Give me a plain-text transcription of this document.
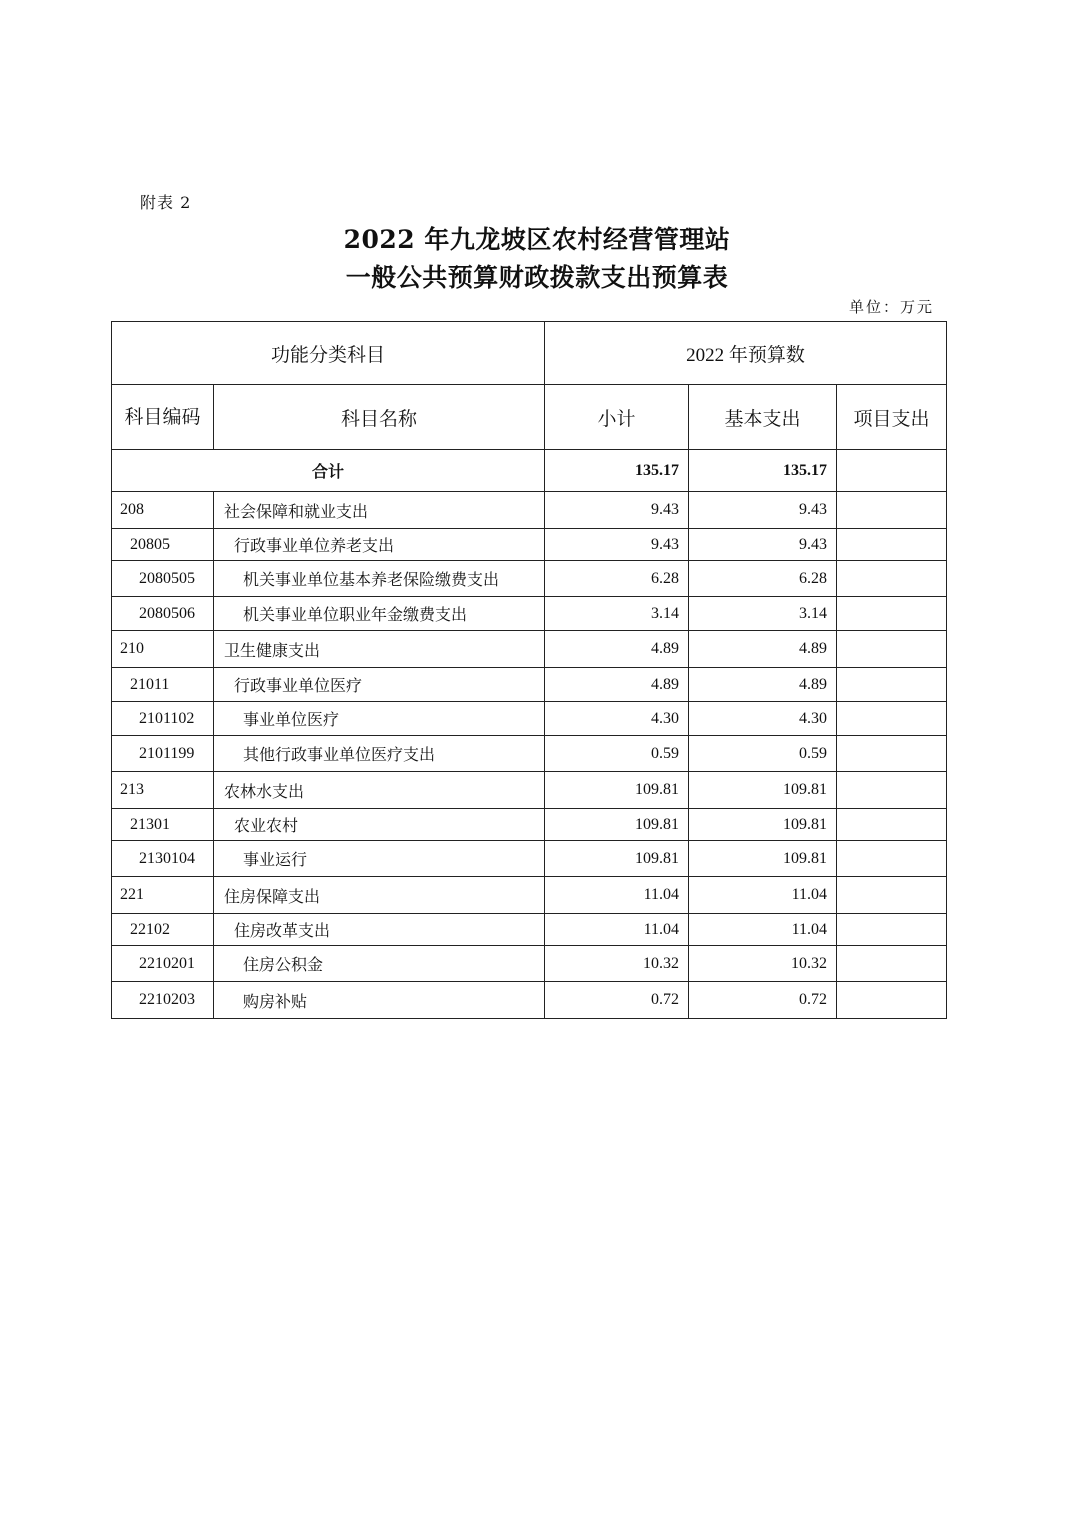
附表 2
2022 年九龙坡区农村经营管理站
一般公共预算财政拨款支出预算表
单位：万元
功能分类科目		2022 年预算数		
科目编码	科目名称	小计	基本支出	项目支出
合计		135.17	135.17	
208	社会保障和就业支出	9.43	9.43	
20805	行政事业单位养老支出	9.43	9.43	
2080505	机关事业单位基本养老保险缴费支出	6.28	6.28	
2080506	机关事业单位职业年金缴费支出	3.14	3.14	
210	卫生健康支出	4.89	4.89	
21011	行政事业单位医疗	4.89	4.89	
2101102	事业单位医疗	4.30	4.30	
2101199	其他行政事业单位医疗支出	0.59	0.59	
213	农林水支出	109.81	109.81	
21301	农业农村	109.81	109.81	
2130104	事业运行	109.81	109.81	
221	住房保障支出	11.04	11.04	
22102	住房改革支出	11.04	11.04	
2210201	住房公积金	10.32	10.32	
2210203	购房补贴	0.72	0.72	
